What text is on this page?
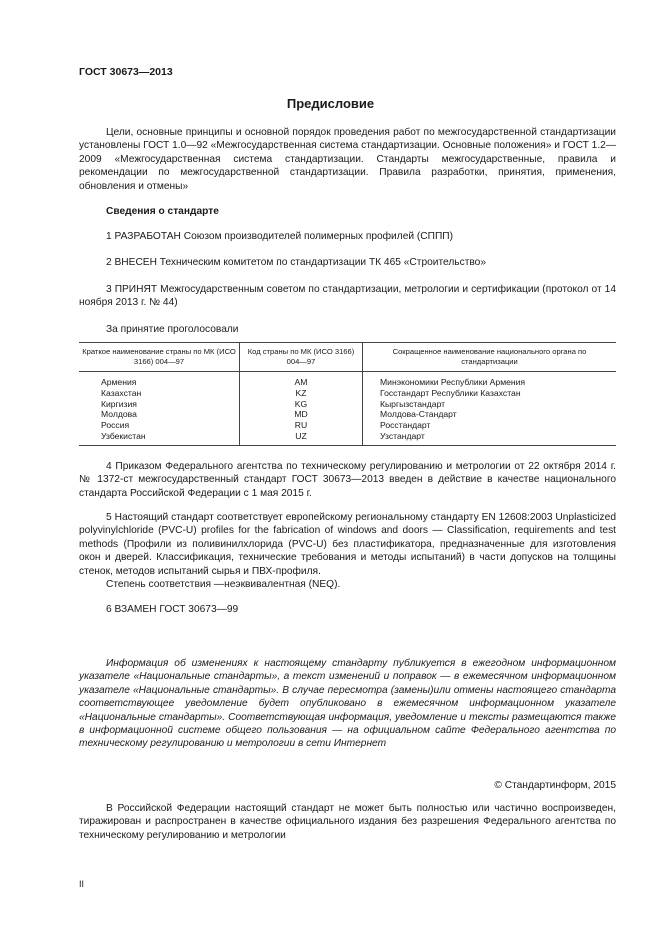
ГОСТ 30673—2013
Предисловие

Цели, основные принципы и основной порядок проведения работ по межгосударственной стандартизации установлены ГОСТ 1.0—92 «Межгосударственная система стандартизации. Основные положения» и ГОСТ 1.2—2009 «Межгосударственная система стандартизации. Стандарты межгосударственные, правила и рекомендации по межгосударственной стандартизации. Правила разработки, принятия, применения, обновления и отмены»

Сведения о стандарте
1 РАЗРАБОТАН Союзом производителей полимерных профилей (СППП)
2 ВНЕСЕН Техническим комитетом по стандартизации ТК 465 «Строительство»
3 ПРИНЯТ Межгосударственным советом по стандартизации, метрологии и сертификации (протокол от 14 ноября 2013 г. № 44)
За принятие проголосовали
Краткое наименование страны по МК (ИСО 3166) 004—97	Код страны по МК (ИСО 3166) 004—97	Сокращенное наименование национального органа по стандартизации
Армения	AM	Минэкономики Республики Армения
Казахстан	KZ	Госстандарт Республики Казахстан
Киргизия	KG	Кыргызстандарт
Молдова	MD	Молдова-Стандарт
Россия	RU	Росстандарт
Узбекистан	UZ	Узстандарт
4 Приказом Федерального агентства по техническому регулированию и метрологии от 22 октября 2014 г. № 1372-ст межгосударственный стандарт ГОСТ 30673—2013 введен в действие в качестве национального стандарта Российской Федерации с 1 мая 2015 г.

5 Настоящий стандарт соответствует европейскому региональному стандарту EN 12608:2003 Unplasticized polyvinylchloride (PVC-U) profiles for the fabrication of windows and doors — Classification, requirements and test methods (Профили из поливинилхлорида (PVC-U) без пластификатора, предназначенные для изготовления окон и дверей. Классификация, технические требования и методы испытаний) в части допусков на толщины стенок, методов испытаний сырья и ПВХ-профиля.

Степень соответствия —неэквивалентная (NEQ).

6 ВЗАМЕН ГОСТ 30673—99
Информация об изменениях к настоящему стандарту публикуется в ежегодном информационном указателе «Национальные стандарты», а текст изменений и поправок — в ежемесячном информационном указателе «Национальные стандарты». В случае пересмотра (замены)или отмены настоящего стандарта соответствующее уведомление будет опубликовано в ежемесячном информационном указателе «Национальные стандарты». Соответствующая информация, уведомление и тексты размещаются также в информационной системе общего пользования — на официальном сайте Федерального агентства по техническому регулированию и метрологии в сети Интернет
© Стандартинформ, 2015
В Российской Федерации настоящий стандарт не может быть полностью или частично воспроизведен, тиражирован и распространен в качестве официального издания без разрешения Федерального агентства по техническому регулированию и метрологии
II
